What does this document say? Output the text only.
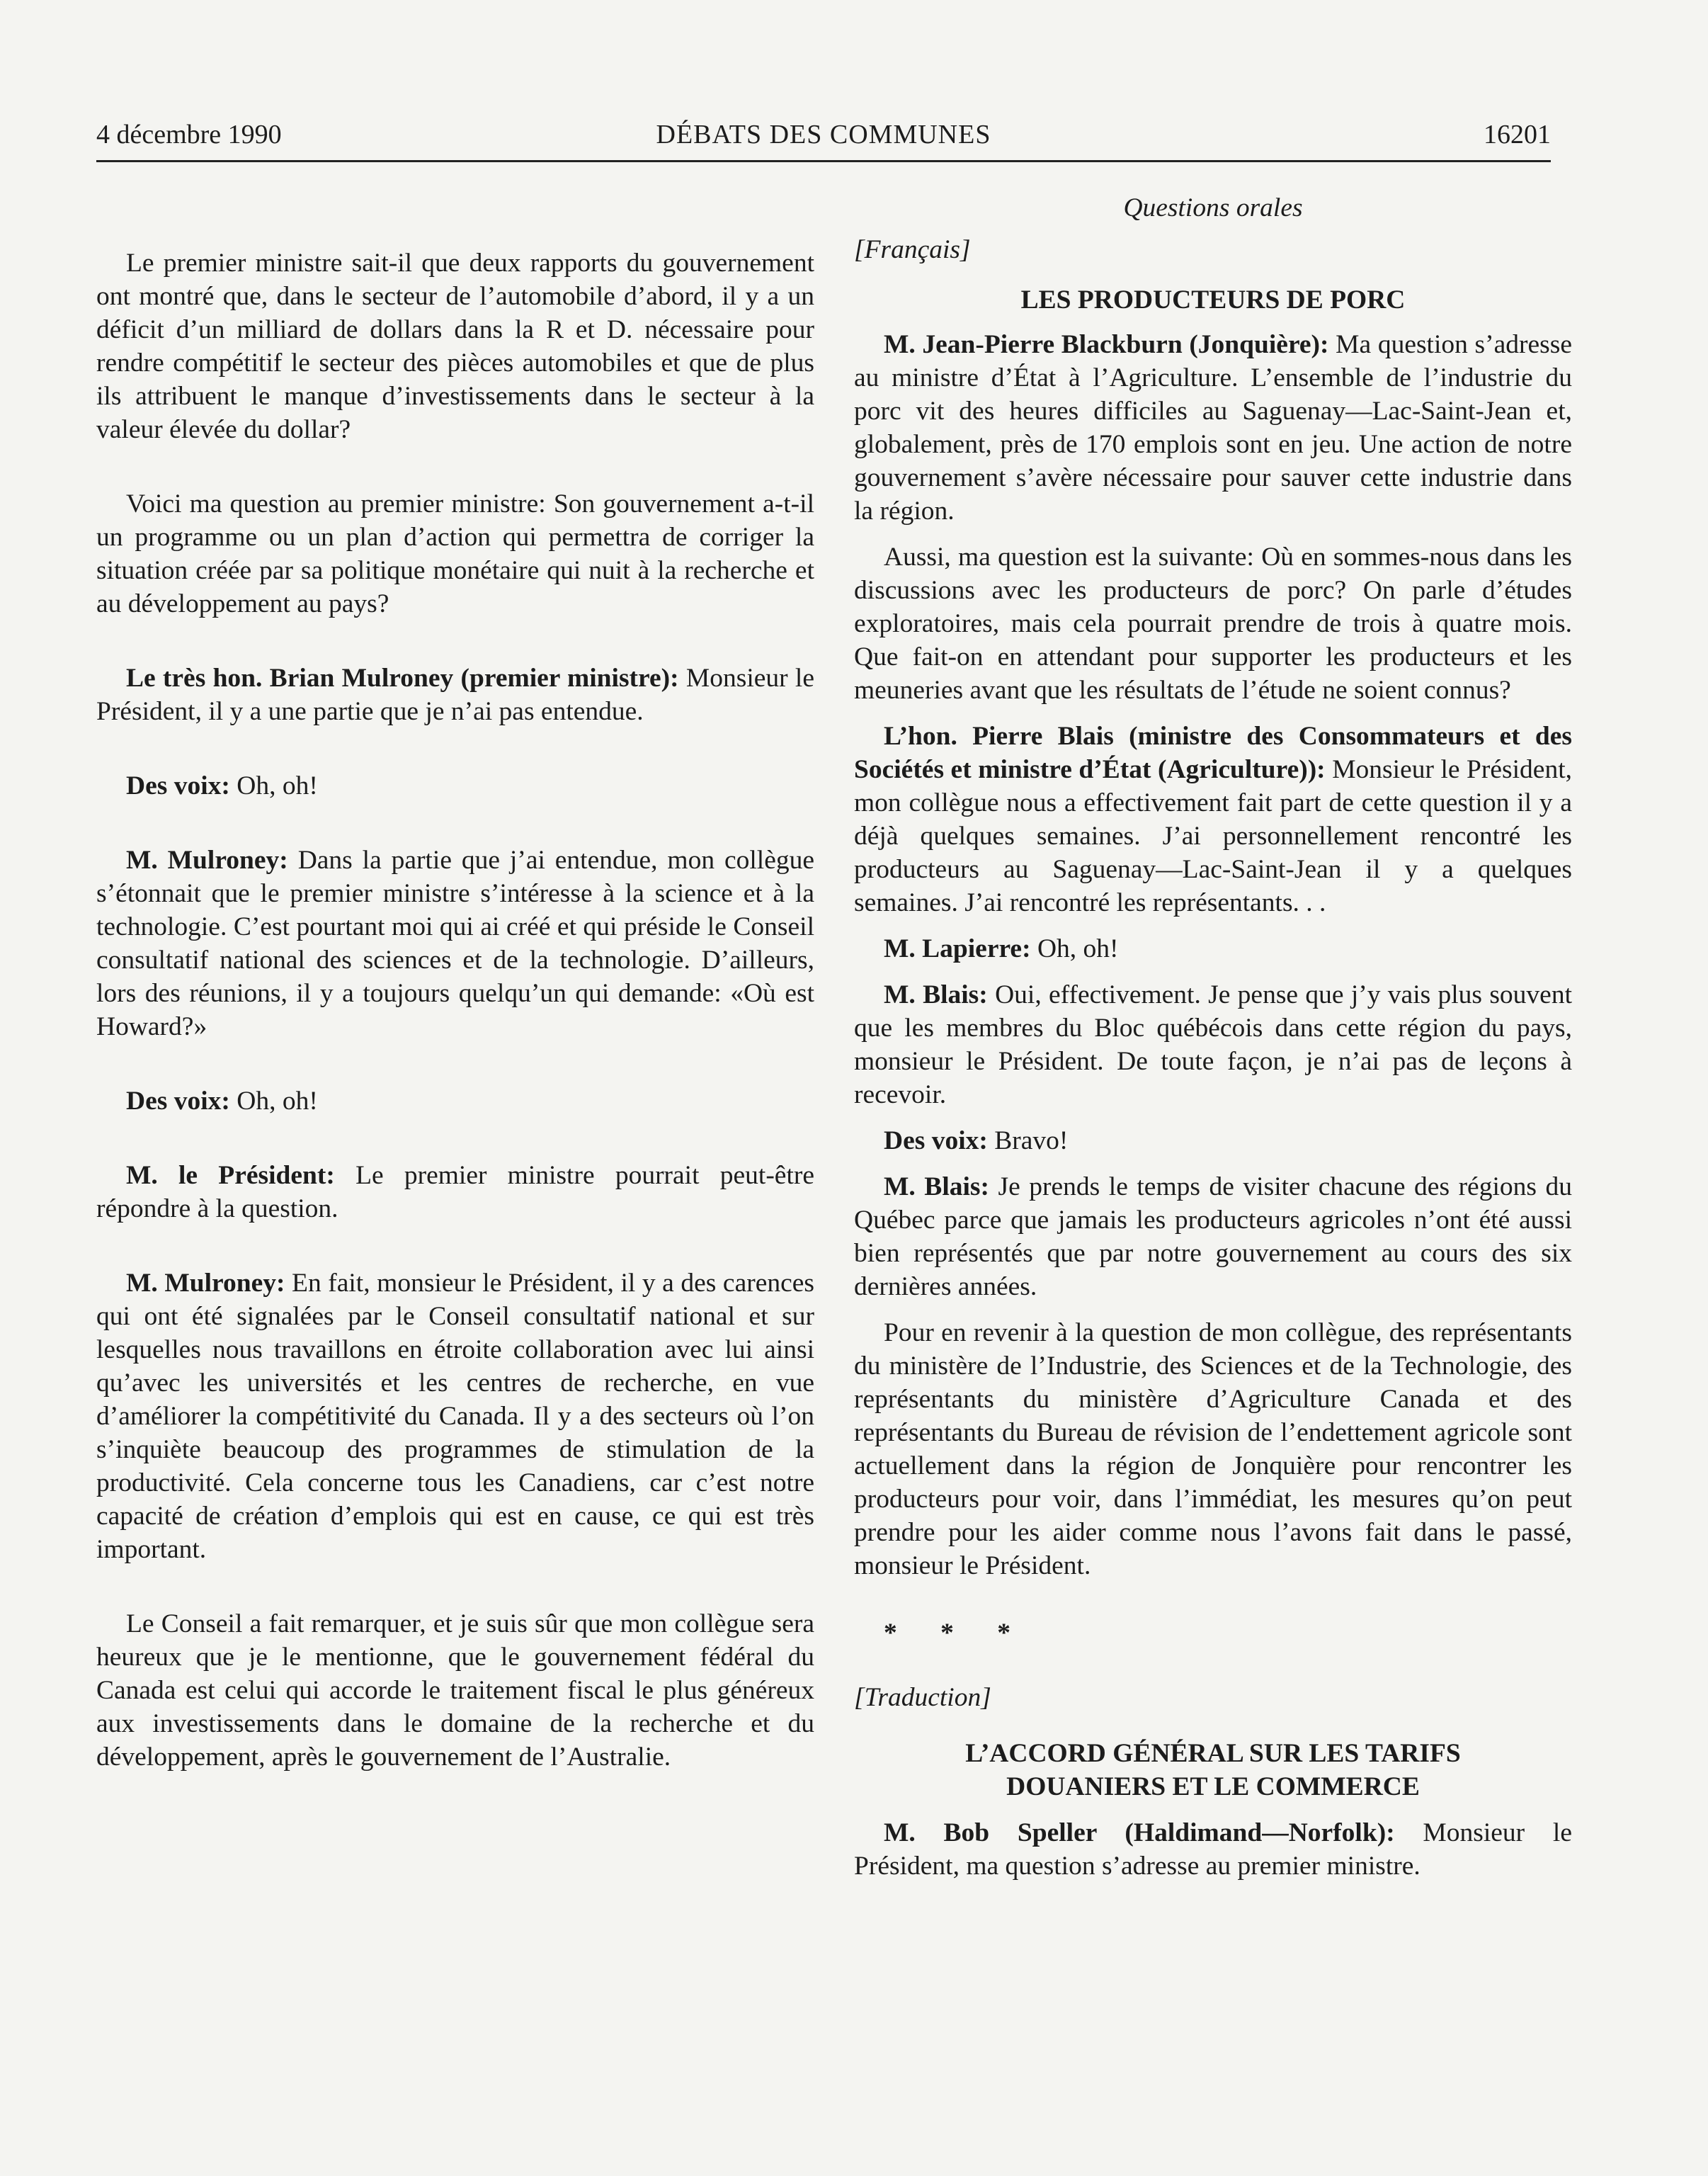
4 décembre 1990	DÉBATS DES COMMUNES	16201

Le premier ministre sait-il que deux rapports du gouvernement ont montré que, dans le secteur de l’automobile d’abord, il y a un déficit d’un milliard de dollars dans la R et D. nécessaire pour rendre compétitif le secteur des pièces automobiles et que de plus ils attribuent le manque d’investissements dans le secteur à la valeur élevée du dollar?

Voici ma question au premier ministre: Son gouvernement a-t-il un programme ou un plan d’action qui permettra de corriger la situation créée par sa politique monétaire qui nuit à la recherche et au développement au pays?

Le très hon. Brian Mulroney (premier ministre): Monsieur le Président, il y a une partie que je n’ai pas entendue.

Des voix: Oh, oh!

M. Mulroney: Dans la partie que j’ai entendue, mon collègue s’étonnait que le premier ministre s’intéresse à la science et à la technologie. C’est pourtant moi qui ai créé et qui préside le Conseil consultatif national des sciences et de la technologie. D’ailleurs, lors des réunions, il y a toujours quelqu’un qui demande: «Où est Howard?»

Des voix: Oh, oh!

M. le Président: Le premier ministre pourrait peut-être répondre à la question.

M. Mulroney: En fait, monsieur le Président, il y a des carences qui ont été signalées par le Conseil consultatif national et sur lesquelles nous travaillons en étroite collaboration avec lui ainsi qu’avec les universités et les centres de recherche, en vue d’améliorer la compétitivité du Canada. Il y a des secteurs où l’on s’inquiète beaucoup des programmes de stimulation de la productivité. Cela concerne tous les Canadiens, car c’est notre capacité de création d’emplois qui est en cause, ce qui est très important.

Le Conseil a fait remarquer, et je suis sûr que mon collègue sera heureux que je le mentionne, que le gouvernement fédéral du Canada est celui qui accorde le traitement fiscal le plus généreux aux investissements dans le domaine de la recherche et du développement, après le gouvernement de l’Australie.

Questions orales

[Français]

LES PRODUCTEURS DE PORC

M. Jean-Pierre Blackburn (Jonquière): Ma question s’adresse au ministre d’État à l’Agriculture. L’ensemble de l’industrie du porc vit des heures difficiles au Saguenay—Lac-Saint-Jean et, globalement, près de 170 emplois sont en jeu. Une action de notre gouvernement s’avère nécessaire pour sauver cette industrie dans la région.

Aussi, ma question est la suivante: Où en sommes-nous dans les discussions avec les producteurs de porc? On parle d’études exploratoires, mais cela pourrait prendre de trois à quatre mois. Que fait-on en attendant pour supporter les producteurs et les meuneries avant que les résultats de l’étude ne soient connus?

L’hon. Pierre Blais (ministre des Consommateurs et des Sociétés et ministre d’État (Agriculture)): Monsieur le Président, mon collègue nous a effectivement fait part de cette question il y a déjà quelques semaines. J’ai personnellement rencontré les producteurs au Saguenay—Lac-Saint-Jean il y a quelques semaines. J’ai rencontré les représentants. . .

M. Lapierre: Oh, oh!

M. Blais: Oui, effectivement. Je pense que j’y vais plus souvent que les membres du Bloc québécois dans cette région du pays, monsieur le Président. De toute façon, je n’ai pas de leçons à recevoir.

Des voix: Bravo!

M. Blais: Je prends le temps de visiter chacune des régions du Québec parce que jamais les producteurs agricoles n’ont été aussi bien représentés que par notre gouvernement au cours des six dernières années.

Pour en revenir à la question de mon collègue, des représentants du ministère de l’Industrie, des Sciences et de la Technologie, des représentants du ministère d’Agriculture Canada et des représentants du Bureau de révision de l’endettement agricole sont actuellement dans la région de Jonquière pour rencontrer les producteurs pour voir, dans l’immédiat, les mesures qu’on peut prendre pour les aider comme nous l’avons fait dans le passé, monsieur le Président.

* * *

[Traduction]

L’ACCORD GÉNÉRAL SUR LES TARIFS

DOUANIERS ET LE COMMERCE

M. Bob Speller (Haldimand—Norfolk): Monsieur le Président, ma question s’adresse au premier ministre.
